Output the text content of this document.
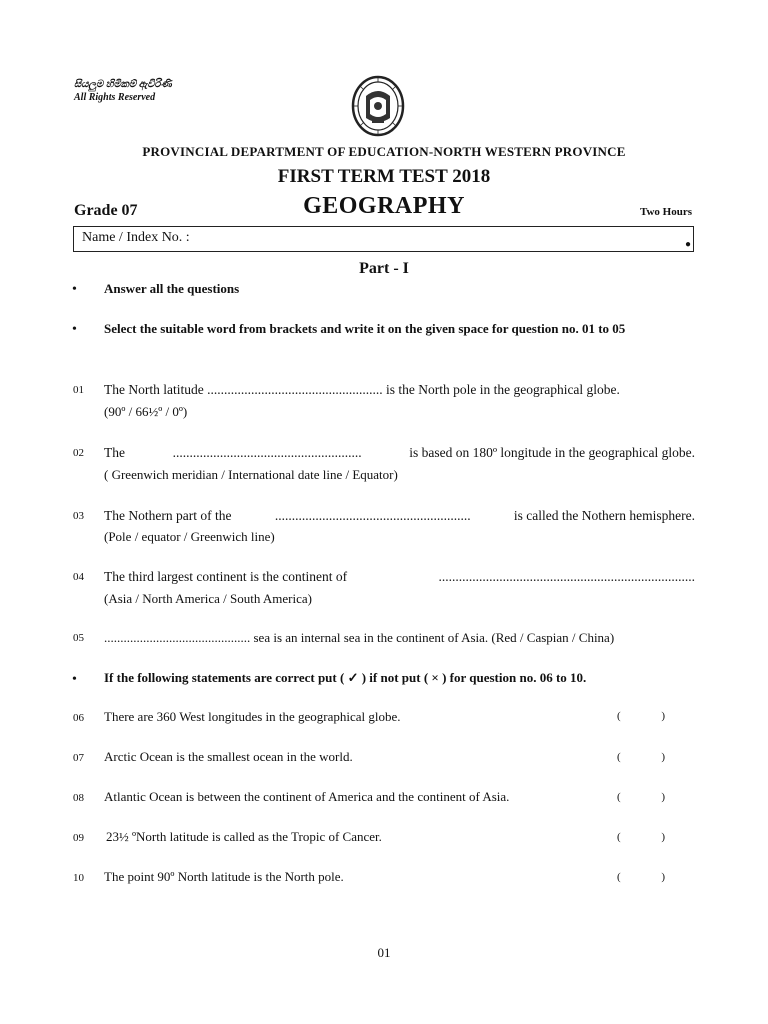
සියලුම හිමිකම් ඇවිරිණි
All Rights Reserved
PROVINCIAL DEPARTMENT OF EDUCATION-NORTH WESTERN PROVINCE
FIRST TERM TEST 2018
Grade 07	GEOGRAPHY	Two Hours
Name / Index No. :	●
Part - I
• Answer all the questions
• Select the suitable word from brackets and write it on the given space for question no. 01 to 05
01 The North latitude .................................................... is the North pole in the geographical globe.
(90º / 66½º / 0º)
02 The	........................................................	is based on 180º longitude in the geographical globe.
( Greenwich meridian / International date line / Equator)
03 The Nothern part of the	..........................................................	is called the Nothern hemisphere.
(Pole / equator / Greenwich line)
04 The third largest continent is the continent of	............................................................................
(Asia / North America / South America)
05 ............................................. sea is an internal sea in the continent of Asia. (Red / Caspian / China)
• If the following statements are correct put ( ✓ ) if not put ( × ) for question no. 06 to 10.
06 There are 360 West longitudes in the geographical globe.	(	)
07 Arctic Ocean is the smallest ocean in the world.	(	)
08 Atlantic Ocean is between the continent of America and the continent of Asia.	(	)
09 23½ ºNorth latitude is called as the Tropic of Cancer.	(	)
10 The point 90º North latitude is the North pole.	(	)
01
